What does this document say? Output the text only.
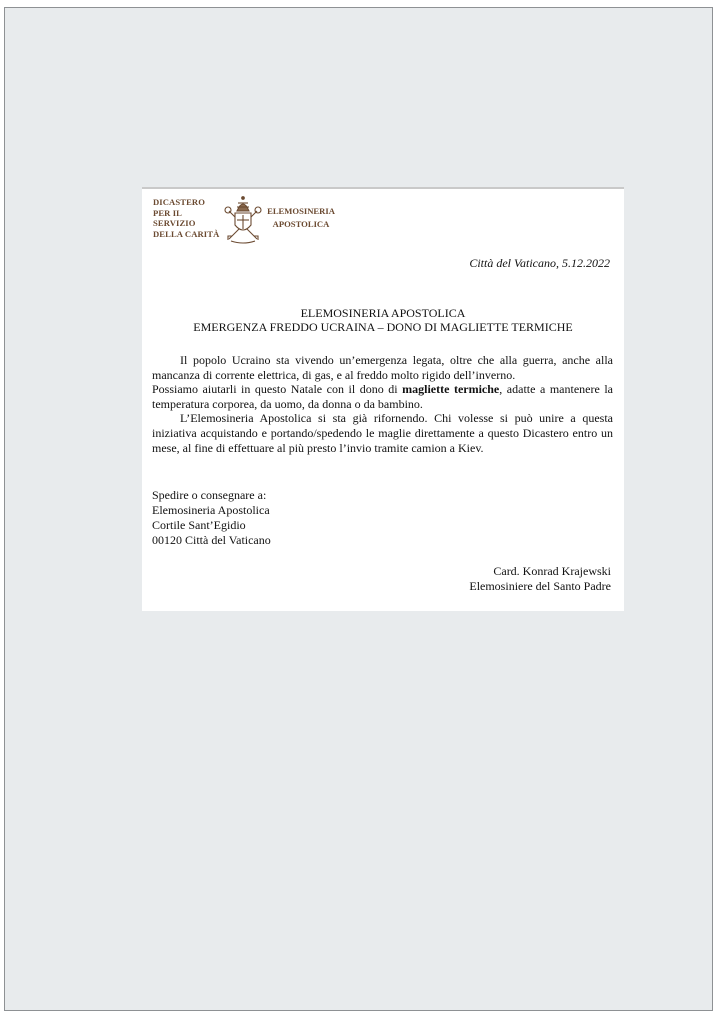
DICASTERO
PER IL
SERVIZIO
DELLA CARITÀ
ELEMOSINERIA
APOSTOLICA
Città del Vaticano, 5.12.2022
ELEMOSINERIA APOSTOLICA
EMERGENZA FREDDO UCRAINA – DONO DI MAGLIETTE TERMICHE

Il popolo Ucraino sta vivendo un’emergenza legata, oltre che alla guerra, anche alla mancanza di corrente elettrica, di gas, e al freddo molto rigido dell’inverno.

Possiamo aiutarli in questo Natale con il dono di magliette termiche, adatte a mantenere la temperatura corporea, da uomo, da donna o da bambino.

L’Elemosineria Apostolica si sta già rifornendo. Chi volesse si può unire a questa iniziativa acquistando e portando/spedendo le maglie direttamente a questo Dicastero entro un mese, al fine di effettuare al più presto l’invio tramite camion a Kiev.

Spedire o consegnare a:
Elemosineria Apostolica
Cortile Sant’Egidio
00120 Città del Vaticano
Card. Konrad Krajewski
Elemosiniere del Santo Padre
